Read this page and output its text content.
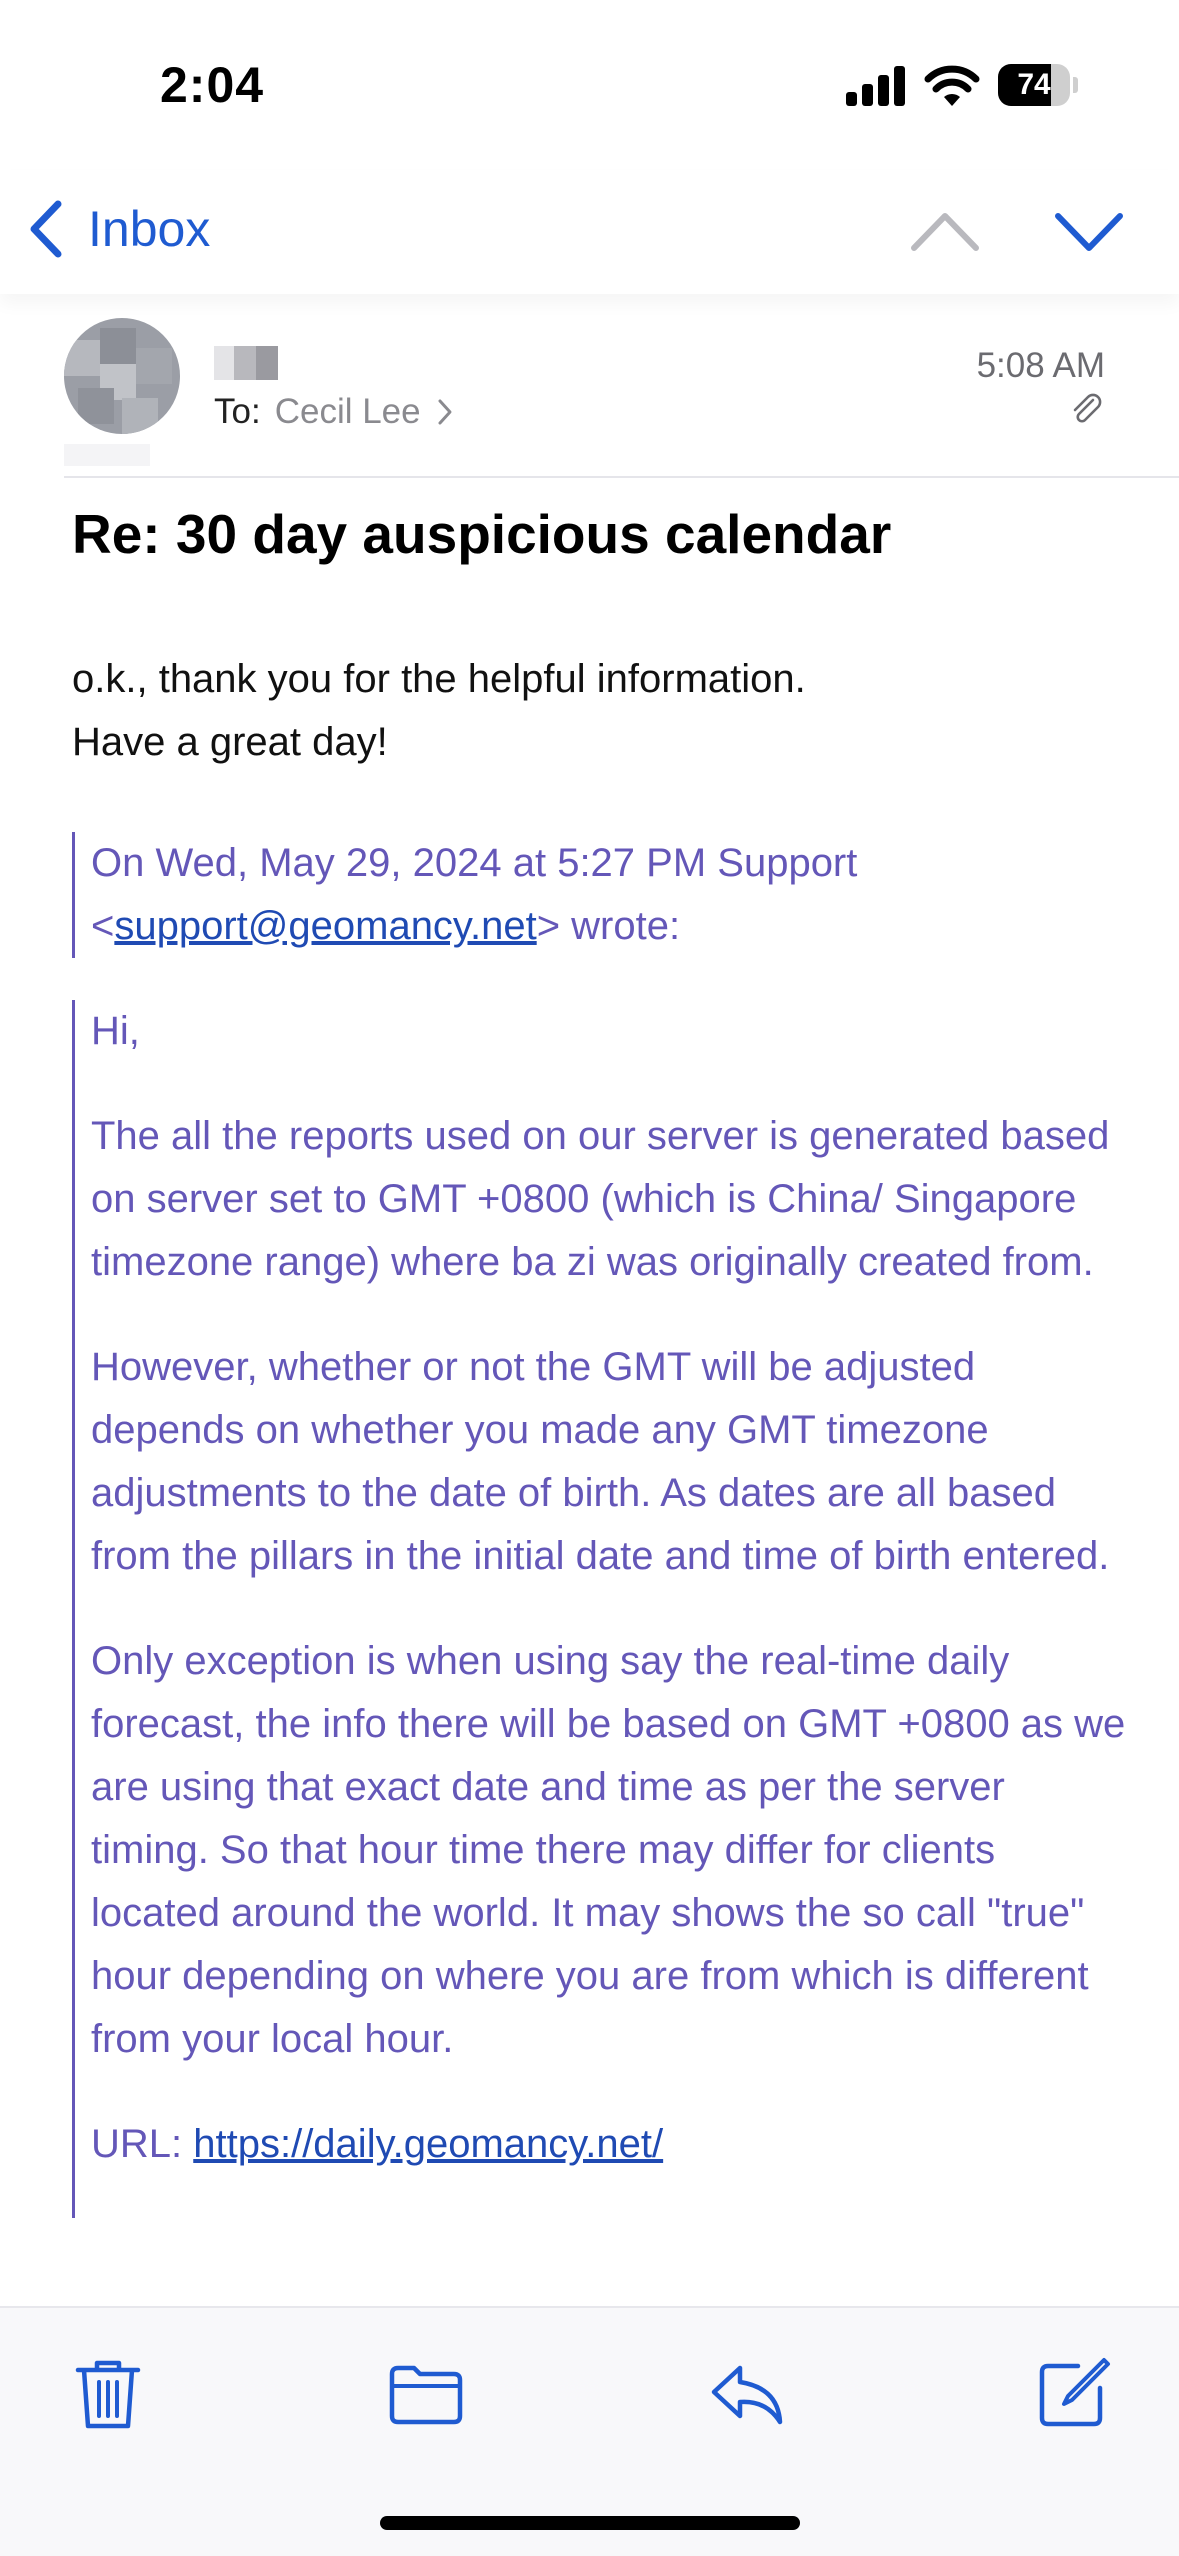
2:04	74
Inbox
To: Cecil Lee
5:08 AM
Re: 30 day auspicious calendar
o.k., thank you for the helpful information.
Have a great day!
On Wed, May 29, 2024 at 5:27 PM Support
<support@geomancy.net> wrote:

Hi,

The all the reports used on our server is generated based on server set to GMT +0800 (which is China/ Singapore timezone range) where ba zi was originally created from.

However, whether or not the GMT will be adjusted depends on whether you made any GMT timezone adjustments to the date of birth. As dates are all based from the pillars in the initial date and time of birth entered.

Only exception is when using say the real-time daily forecast, the info there will be based on GMT +0800 as we are using that exact date and time as per the server timing. So that hour time there may differ for clients located around the world. It may shows the so call "true" hour depending on where you are from which is different from your local hour.

URL: https://daily.geomancy.net/
